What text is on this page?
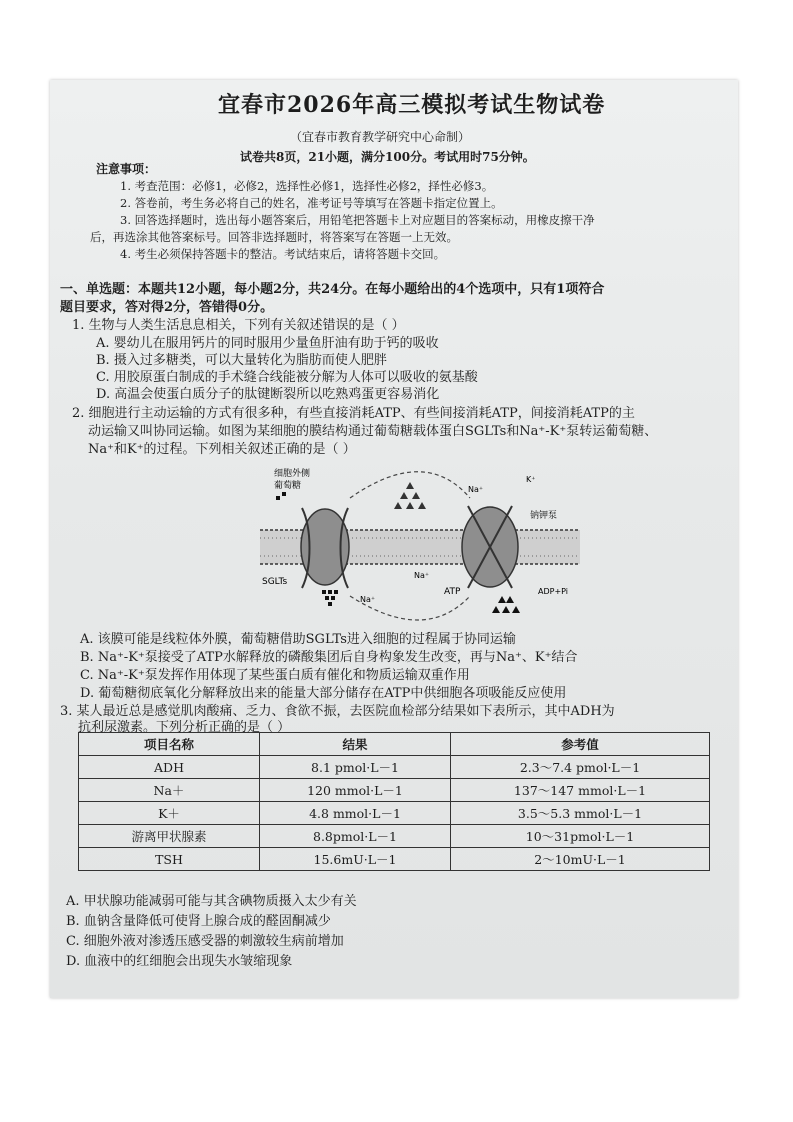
宜春市2026年高三模拟考试生物试卷
（宜春市教育教学研究中心命制）
试卷共8页，21小题，满分100分。考试用时75分钟。
注意事项：
1. 考查范围：必修1，必修2，选择性必修1，选择性必修2，择性必修3。
2. 答卷前，考生务必将自己的姓名，准考证号等填写在答题卡指定位置上。
3. 回答选择题时，选出每小题答案后，用铅笔把答题卡上对应题目的答案标动，用橡皮擦干净
后，再选涂其他答案标号。回答非选择题时，将答案写在答题一上无效。
4. 考生必须保持答题卡的整洁。考试结束后，请将答题卡交回。
一、单选题：本题共12小题，每小题2分，共24分。在每小题给出的4个选项中，只有1项符合
题目要求，答对得2分，答错得0分。
1. 生物与人类生活息息相关，下列有关叙述错误的是（ ）
A. 婴幼儿在服用钙片的同时服用少量鱼肝油有助于钙的吸收
B. 摄入过多糖类，可以大量转化为脂肪而使人肥胖
C. 用胶原蛋白制成的手术缝合线能被分解为人体可以吸收的氨基酸
D. 高温会使蛋白质分子的肽键断裂所以吃熟鸡蛋更容易消化
2. 细胞进行主动运输的方式有很多种，有些直接消耗ATP、有些间接消耗ATP，间接消耗ATP的主
动运输又叫协同运输。如图为某细胞的膜结构通过葡萄糖载体蛋白SGLTs和Na⁺-K⁺泵转运葡萄糖、
Na⁺和K⁺的过程。下列相关叙述正确的是（ ）
细胞外侧
葡萄糖
SGLTs
Na⁺
Na⁺
Na⁺
K⁺
钠钾泵
ATP	ADP+Pi
A. 该膜可能是线粒体外膜，葡萄糖借助SGLTs进入细胞的过程属于协同运输
B. Na⁺-K⁺泵接受了ATP水解释放的磷酸集团后自身构象发生改变，再与Na⁺、K⁺结合
C. Na⁺-K⁺泵发挥作用体现了某些蛋白质有催化和物质运输双重作用
D. 葡萄糖彻底氧化分解释放出来的能量大部分储存在ATP中供细胞各项吸能反应使用
3. 某人最近总是感觉肌肉酸痛、乏力、食欲不振，去医院血检部分结果如下表所示，其中ADH为
抗利尿激素。下列分析正确的是（ ）
项目名称	结果	参考值
ADH	8.1 pmol·L－1	2.3～7.4 pmol·L－1
Na＋	120 mmol·L－1	137～147 mmol·L－1
K＋	4.8 mmol·L－1	3.5～5.3 mmol·L－1
游离甲状腺素	8.8pmol·L－1	10～31pmol·L－1
TSH	15.6mU·L－1	2～10mU·L－1
A. 甲状腺功能减弱可能与其含碘物质摄入太少有关
B. 血钠含量降低可使肾上腺合成的醛固酮减少
C. 细胞外液对渗透压感受器的刺激较生病前增加
D. 血液中的红细胞会出现失水皱缩现象
